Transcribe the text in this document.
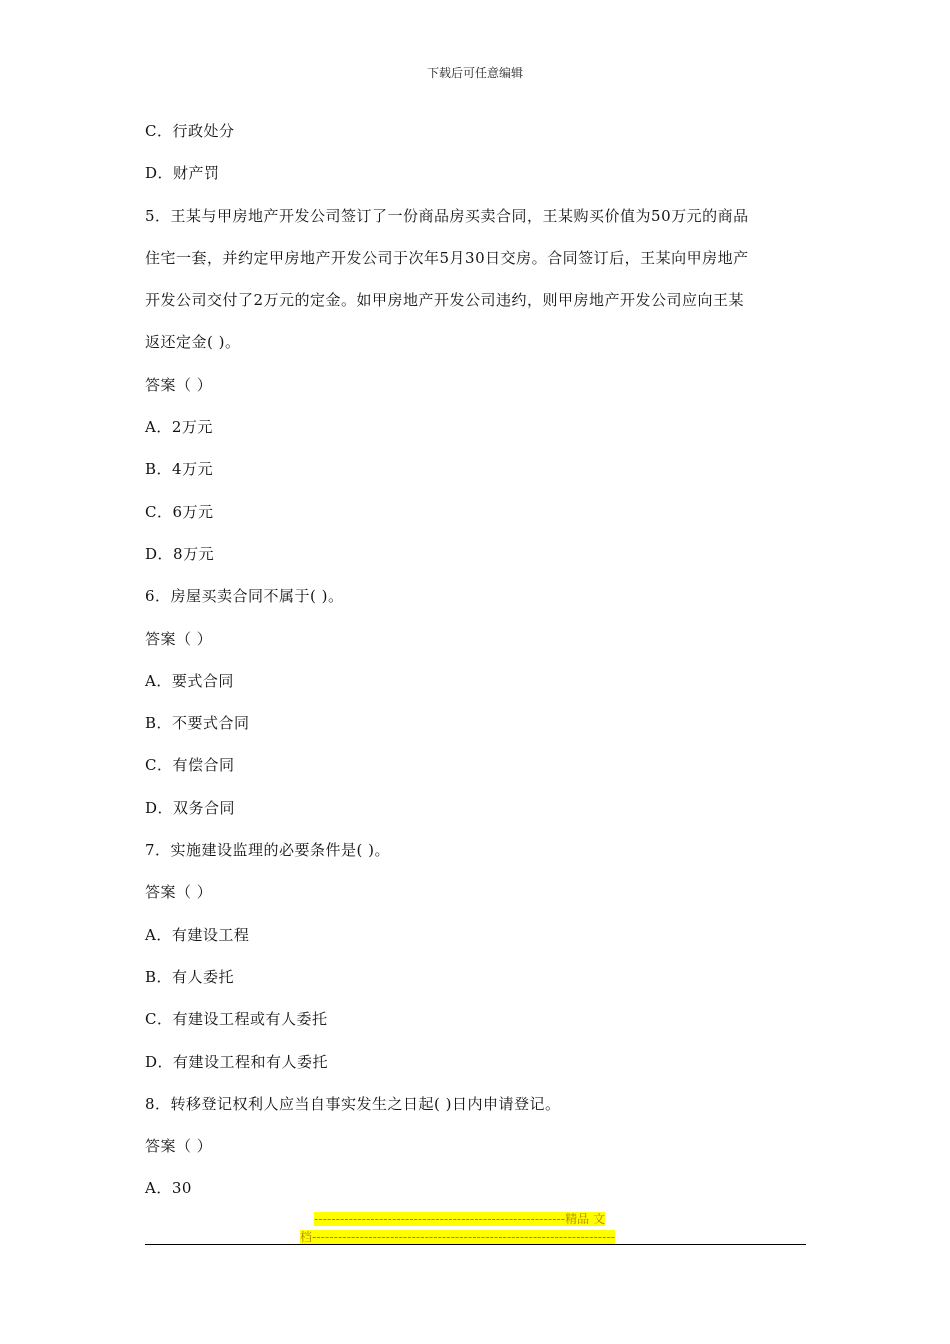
下载后可任意编辑
C．行政处分
D．财产罚
5．王某与甲房地产开发公司签订了一份商品房买卖合同，王某购买价值为50万元的商品
住宅一套，并约定甲房地产开发公司于次年5月30日交房。合同签订后，王某向甲房地产
开发公司交付了2万元的定金。如甲房地产开发公司违约，则甲房地产开发公司应向王某
返还定金( )。
答案（ ）
A．2万元
B．4万元
C．6万元
D．8万元
6．房屋买卖合同不属于( )。
答案（ ）
A．要式合同
B．不要式合同
C．有偿合同
D．双务合同
7．实施建设监理的必要条件是( )。
答案（ ）
A．有建设工程
B．有人委托
C．有建设工程或有人委托
D．有建设工程和有人委托
8．转移登记权利人应当自事实发生之日起( )日内申请登记。
答案（ ）
A．30
----------------------------------------------------------精品 文
档----------------------------------------------------------------------
